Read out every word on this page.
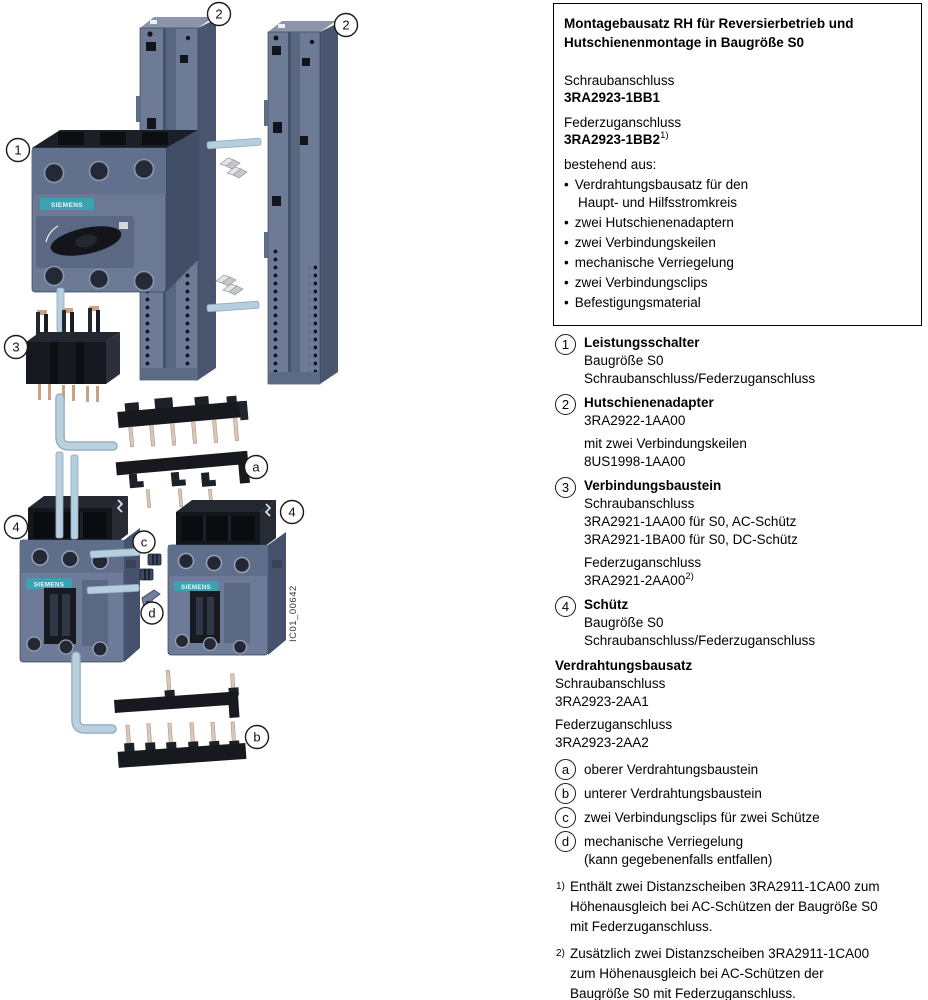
SIEMENS
SIEMENS	SIEMENS	IC01_00642
1
2
2
3
4
4
a
c
d
b
Montagebausatz RH für Reversierbetrieb und
Hutschienenmontage in Baugröße S0
Schraubanschluss
3RA2923-1BB1
Federzuganschluss
3RA2923-1BB2$^{1)}$
bestehend aus:
• Verdrahtungsbausatz für den
Haupt- und Hilfsstromkreis
• zwei Hutschienenadaptern
• zwei Verbindungskeilen
• mechanische Verriegelung
• zwei Verbindungsclips
• Befestigungsmaterial
1	Leistungsschalter
Baugröße S0
Schraubanschluss/Federzuganschluss
2	Hutschienenadapter
3RA2922-1AA00
mit zwei Verbindungskeilen
8US1998-1AA00
3	Verbindungsbaustein
Schraubanschluss
3RA2921-1AA00 für S0, AC-Schütz
3RA2921-1BA00 für S0, DC-Schütz
Federzuganschluss
3RA2921-2AA00$^{2)}$
4	Schütz
Baugröße S0
Schraubanschluss/Federzuganschluss
Verdrahtungsbausatz
Schraubanschluss
3RA2923-2AA1
Federzuganschluss
3RA2923-2AA2
a	oberer Verdrahtungsbaustein
b	unterer Verdrahtungsbaustein
c	zwei Verbindungsclips für zwei Schütze
d	mechanische Verriegelung
(kann gegebenenfalls entfallen)
1) Enthält zwei Distanzscheiben 3RA2911-1CA00 zum
Höhenausgleich bei AC-Schützen der Baugröße S0
mit Federzuganschluss.
2) Zusätzlich zwei Distanzscheiben 3RA2911-1CA00
zum Höhenausgleich bei AC-Schützen der
Baugröße S0 mit Federzuganschluss.
